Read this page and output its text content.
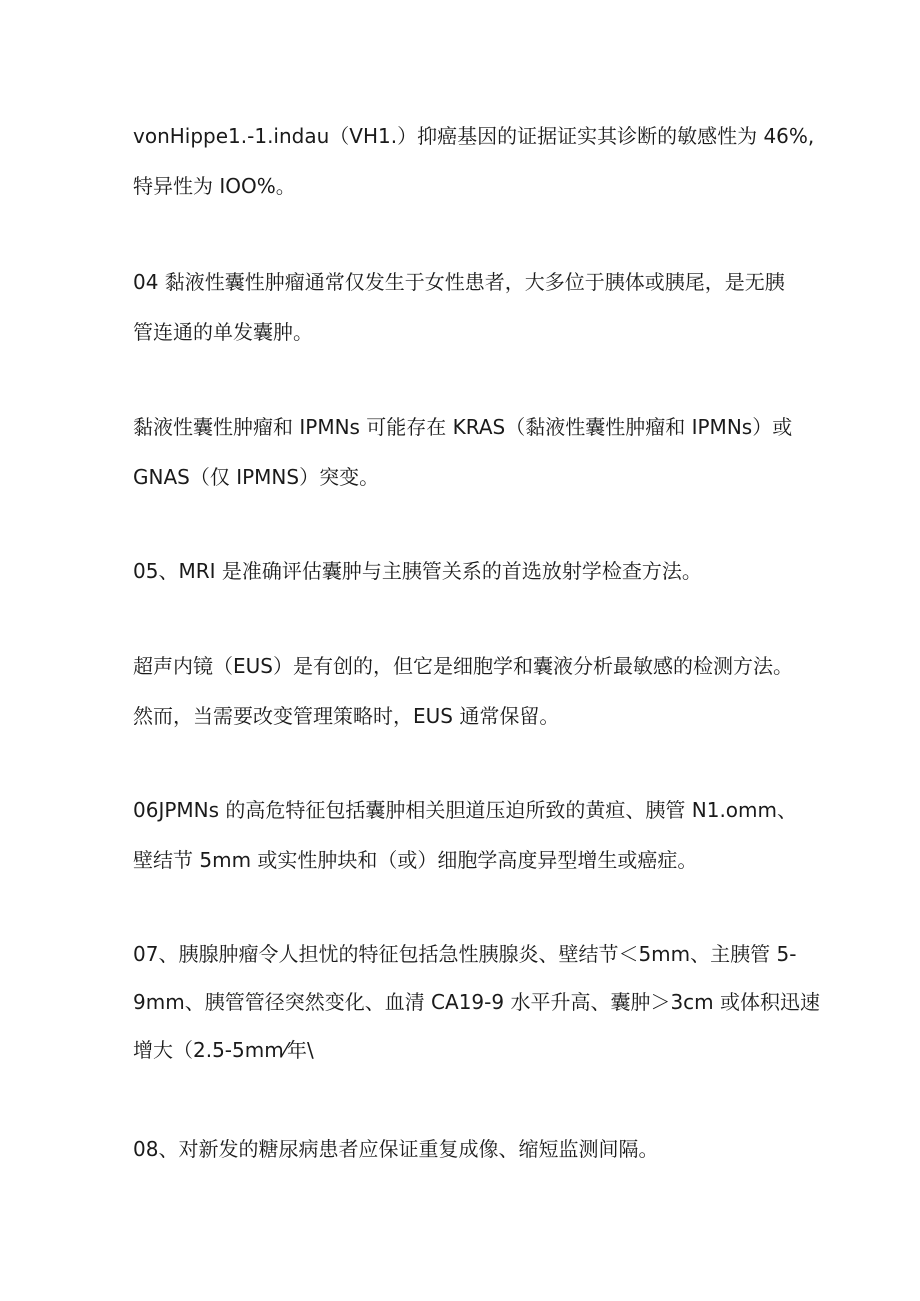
vonHippe1.-1.indau（VH1.）抑癌基因的证据证实其诊断的敏感性为 46%,

特异性为 IOO%。

04 黏液性囊性肿瘤通常仅发生于女性患者，大多位于胰体或胰尾，是无胰

管连通的单发囊肿。

黏液性囊性肿瘤和 IPMNs 可能存在 KRAS（黏液性囊性肿瘤和 IPMNs）或

GNAS（仅 IPMNS）突变。

05、MRI 是准确评估囊肿与主胰管关系的首选放射学检查方法。

超声内镜（EUS）是有创的，但它是细胞学和囊液分析最敏感的检测方法。

然而，当需要改变管理策略时，EUS 通常保留。

06JPMNs 的高危特征包括囊肿相关胆道压迫所致的黄疸、胰管 N1.omm、

壁结节 5mm 或实性肿块和（或）细胞学高度异型增生或癌症。

07、胰腺肿瘤令人担忧的特征包括急性胰腺炎、壁结节＜5mm、主胰管 5-

9mm、胰管管径突然变化、血清 CA19-9 水平升高、囊肿＞3cm 或体积迅速

增大（2.5-5mm⁄年\

08、对新发的糖尿病患者应保证重复成像、缩短监测间隔。
